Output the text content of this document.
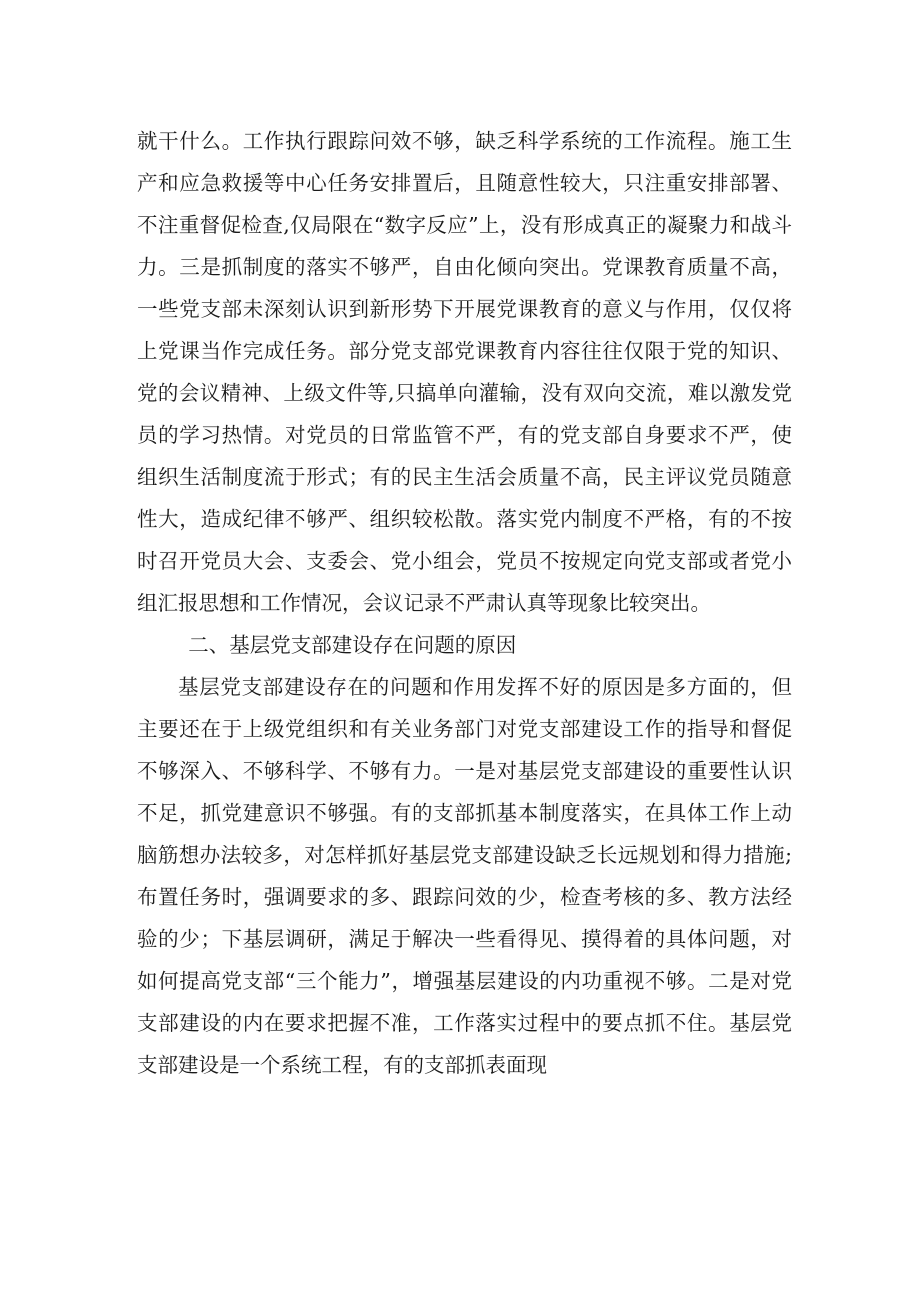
就干什么。工作执行跟踪问效不够，缺乏科学系统的工作流程。施工生产和应急救援等中心任务安排置后，且随意性较大，只注重安排部署、不注重督促检查,仅局限在“数字反应”上，没有形成真正的凝聚力和战斗力。三是抓制度的落实不够严，自由化倾向突出。党课教育质量不高，一些党支部未深刻认识到新形势下开展党课教育的意义与作用，仅仅将上党课当作完成任务。部分党支部党课教育内容往往仅限于党的知识、党的会议精神、上级文件等,只搞单向灌输，没有双向交流，难以激发党员的学习热情。对党员的日常监管不严，有的党支部自身要求不严，使组织生活制度流于形式；有的民主生活会质量不高，民主评议党员随意性大，造成纪律不够严、组织较松散。落实党内制度不严格，有的不按时召开党员大会、支委会、党小组会，党员不按规定向党支部或者党小组汇报思想和工作情况，会议记录不严肃认真等现象比较突出。

二、基层党支部建设存在问题的原因

基层党支部建设存在的问题和作用发挥不好的原因是多方面的，但主要还在于上级党组织和有关业务部门对党支部建设工作的指导和督促不够深入、不够科学、不够有力。一是对基层党支部建设的重要性认识不足，抓党建意识不够强。有的支部抓基本制度落实，在具体工作上动脑筋想办法较多，对怎样抓好基层党支部建设缺乏长远规划和得力措施;布置任务时，强调要求的多、跟踪问效的少，检查考核的多、教方法经验的少；下基层调研，满足于解决一些看得见、摸得着的具体问题，对如何提高党支部“三个能力”，增强基层建设的内功重视不够。二是对党支部建设的内在要求把握不准，工作落实过程中的要点抓不住。基层党支部建设是一个系统工程，有的支部抓表面现
